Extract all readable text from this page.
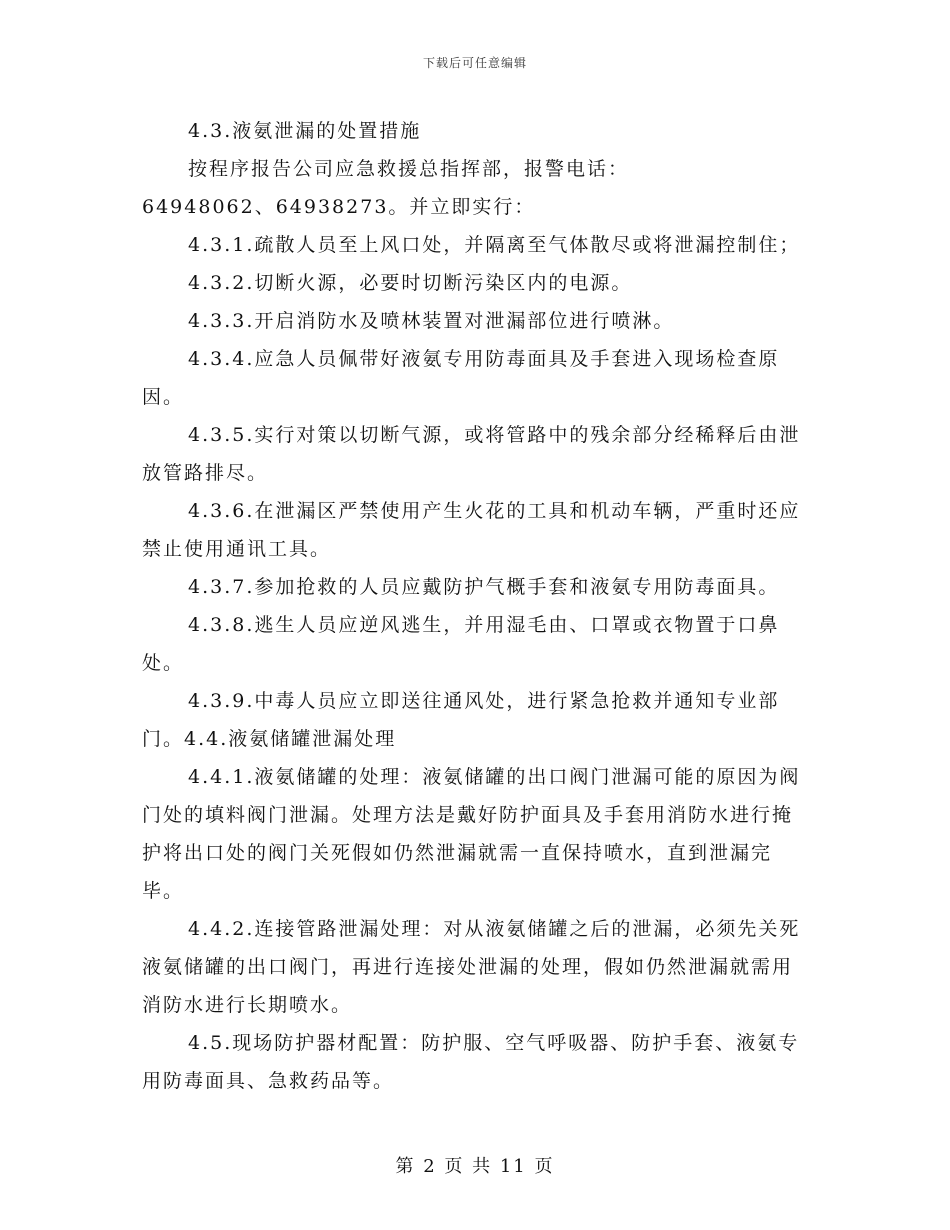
下载后可任意编辑

4.3.液氨泄漏的处置措施

按程序报告公司应急救援总指挥部，报警电话：

64948062、64938273。并立即实行：

4.3.1.疏散人员至上风口处，并隔离至气体散尽或将泄漏控制住；

4.3.2.切断火源，必要时切断污染区内的电源。

4.3.3.开启消防水及喷林装置对泄漏部位进行喷淋。

4.3.4.应急人员佩带好液氨专用防毒面具及手套进入现场检查原因。

4.3.5.实行对策以切断气源，或将管路中的残余部分经稀释后由泄放管路排尽。

4.3.6.在泄漏区严禁使用产生火花的工具和机动车辆，严重时还应禁止使用通讯工具。

4.3.7.参加抢救的人员应戴防护气概手套和液氨专用防毒面具。

4.3.8.逃生人员应逆风逃生，并用湿毛由、口罩或衣物置于口鼻处。

4.3.9.中毒人员应立即送往通风处，进行紧急抢救并通知专业部门。4.4.液氨储罐泄漏处理

4.4.1.液氨储罐的处理：液氨储罐的出口阀门泄漏可能的原因为阀门处的填料阀门泄漏。处理方法是戴好防护面具及手套用消防水进行掩护将出口处的阀门关死假如仍然泄漏就需一直保持喷水，直到泄漏完毕。

4.4.2.连接管路泄漏处理：对从液氨储罐之后的泄漏，必须先关死液氨储罐的出口阀门，再进行连接处泄漏的处理，假如仍然泄漏就需用消防水进行长期喷水。

4.5.现场防护器材配置：防护服、空气呼吸器、防护手套、液氨专用防毒面具、急救药品等。

第 2 页 共 11 页
